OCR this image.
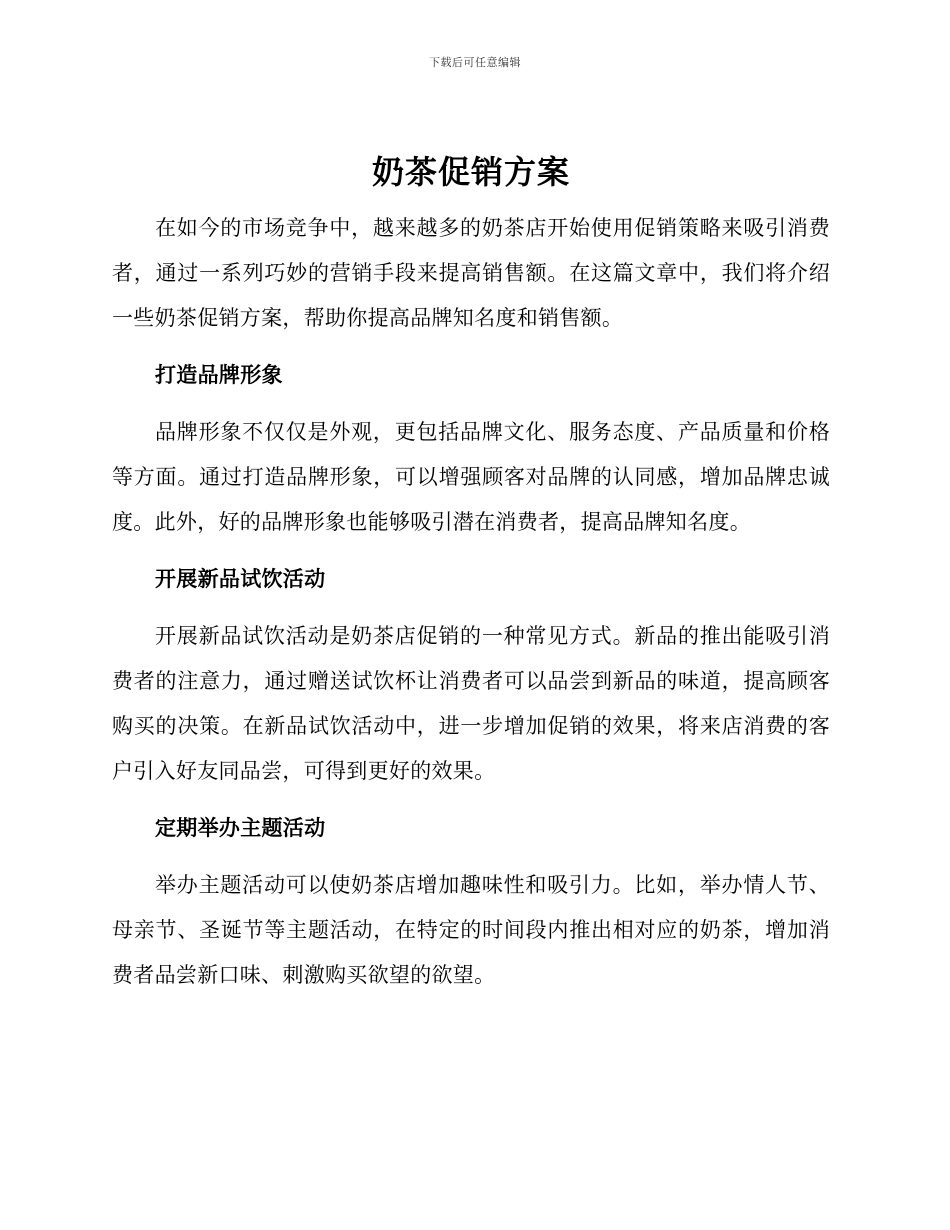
下载后可任意编辑
奶茶促销方案

在如今的市场竞争中，越来越多的奶茶店开始使用促销策略来吸引消费者，通过一系列巧妙的营销手段来提高销售额。在这篇文章中，我们将介绍一些奶茶促销方案，帮助你提高品牌知名度和销售额。

打造品牌形象

品牌形象不仅仅是外观，更包括品牌文化、服务态度、产品质量和价格等方面。通过打造品牌形象，可以增强顾客对品牌的认同感，增加品牌忠诚度。此外，好的品牌形象也能够吸引潜在消费者，提高品牌知名度。

开展新品试饮活动

开展新品试饮活动是奶茶店促销的一种常见方式。新品的推出能吸引消费者的注意力，通过赠送试饮杯让消费者可以品尝到新品的味道，提高顾客购买的决策。在新品试饮活动中，进一步增加促销的效果，将来店消费的客户引入好友同品尝，可得到更好的效果。

定期举办主题活动

举办主题活动可以使奶茶店增加趣味性和吸引力。比如，举办情人节、母亲节、圣诞节等主题活动，在特定的时间段内推出相对应的奶茶，增加消费者品尝新口味、刺激购买欲望的欲望。
